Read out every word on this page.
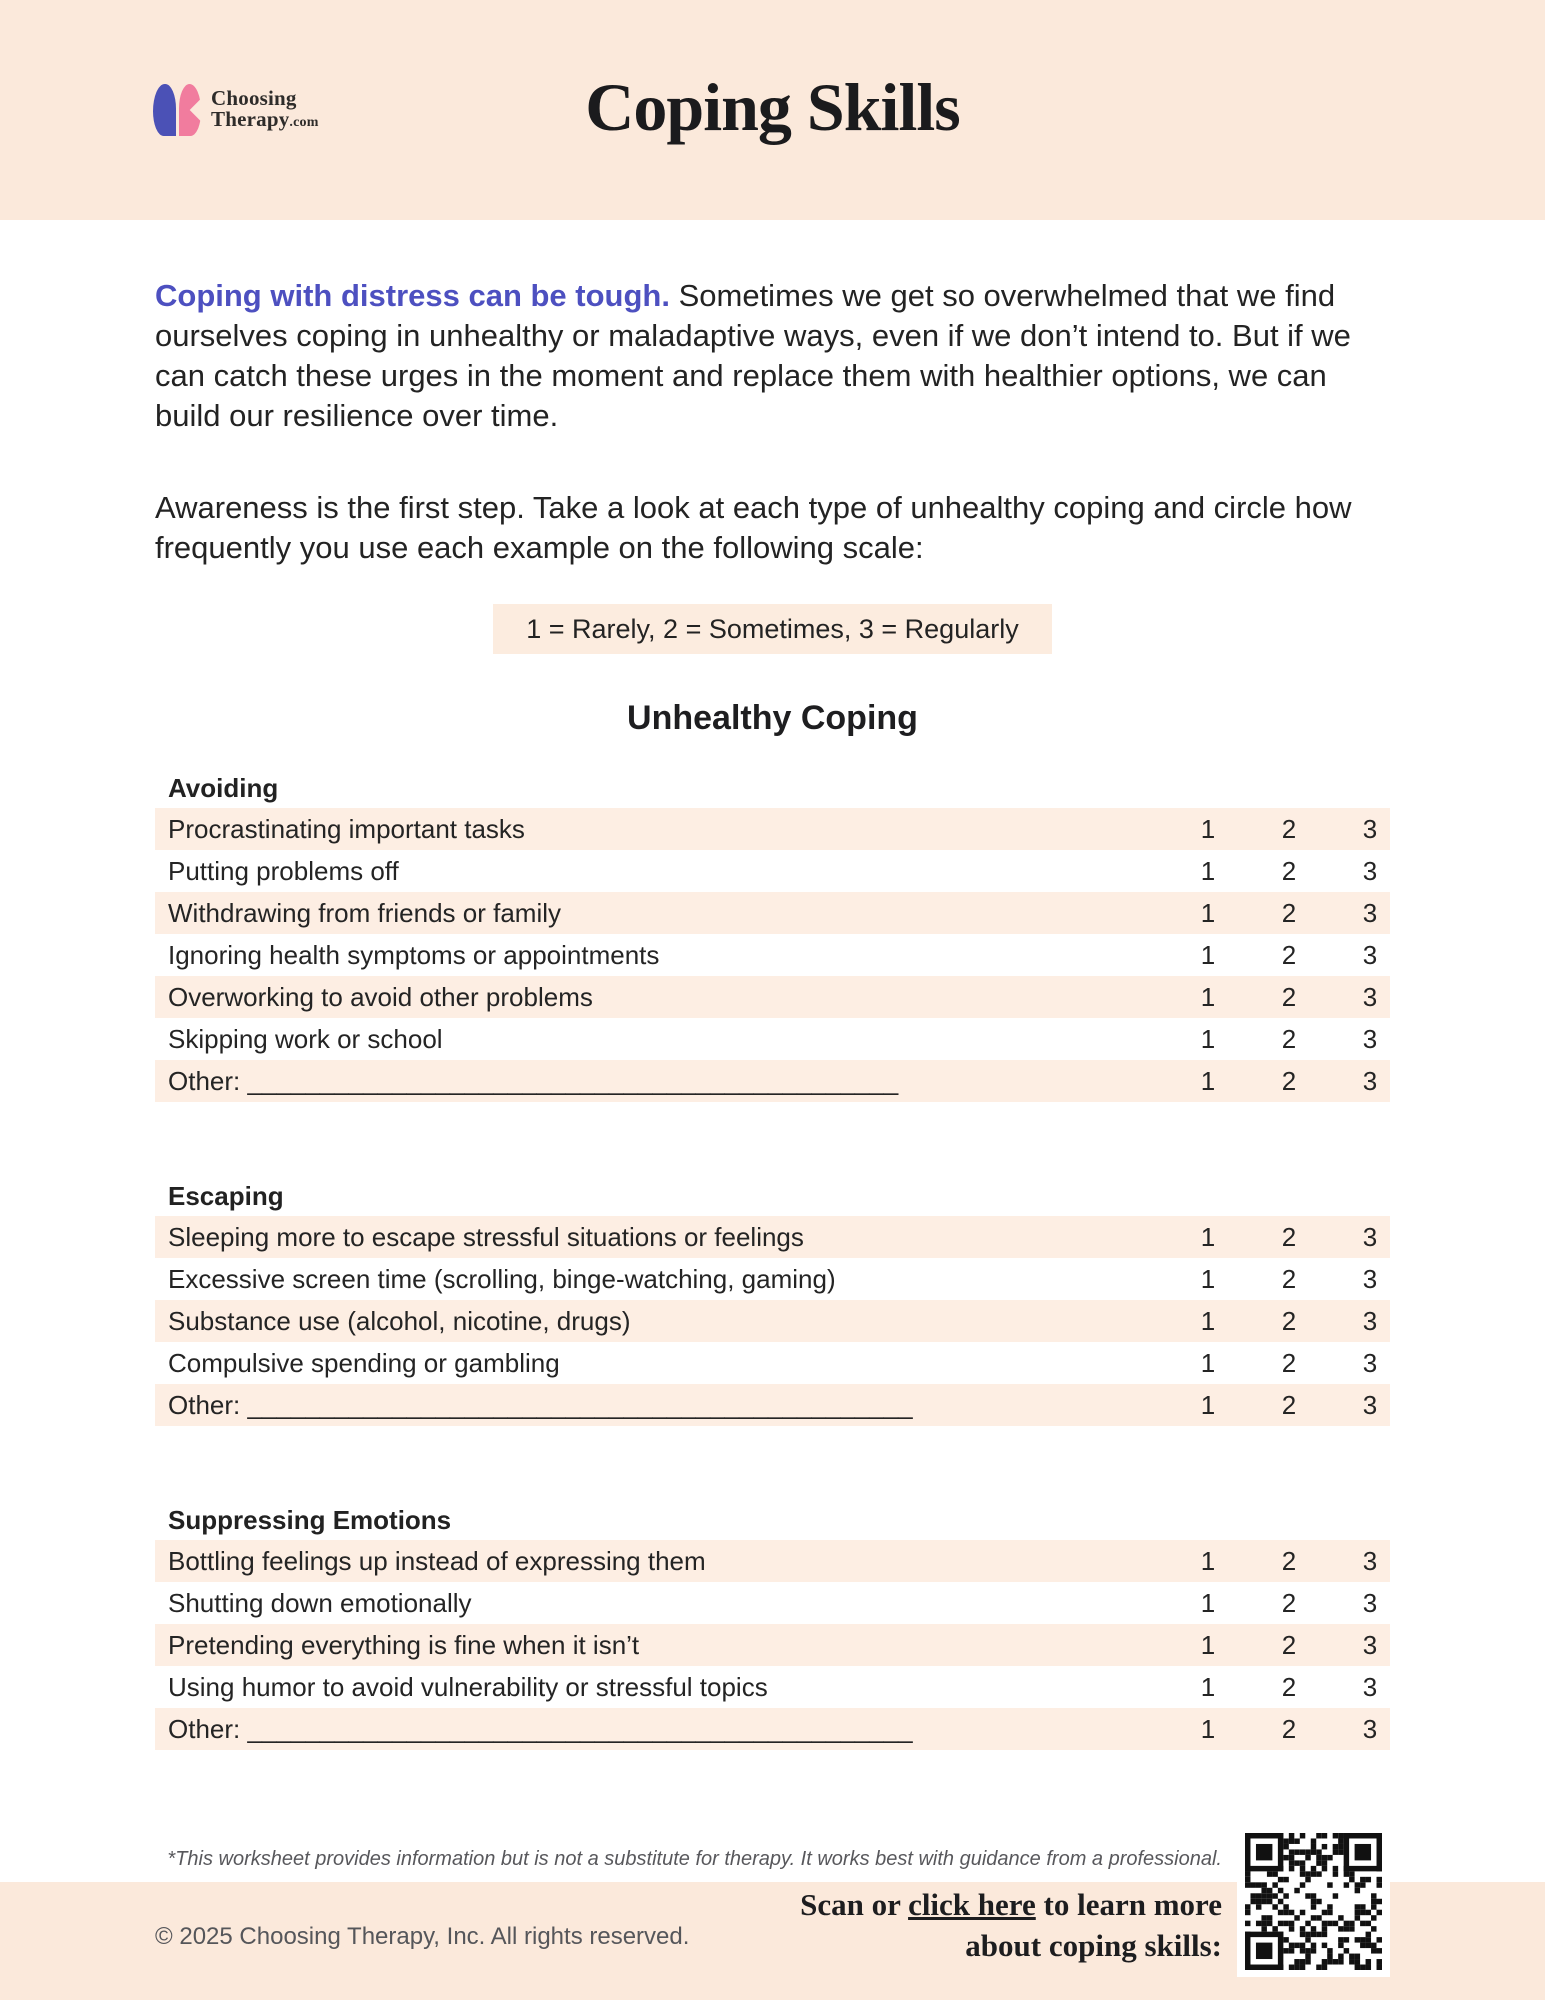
Choosing
Therapy.com	Coping Skills

Coping with distress can be tough. Sometimes we get so overwhelmed that we find ourselves coping in unhealthy or maladaptive ways, even if we don’t intend to. But if we can catch these urges in the moment and replace them with healthier options, we can build our resilience over time.

Awareness is the first step. Take a look at each type of unhealthy coping and circle how frequently you use each example on the following scale:

1 = Rarely, 2 = Sometimes, 3 = Regularly
Unhealthy Coping
Avoiding
Procrastinating important tasks	1	2	3
Putting problems off	1	2	3
Withdrawing from friends or family	1	2	3
Ignoring health symptoms or appointments	1	2	3
Overworking to avoid other problems	1	2	3
Skipping work or school	1	2	3
Other: _____________________________________________	1	2	3
Escaping
Sleeping more to escape stressful situations or feelings	1	2	3
Excessive screen time (scrolling, binge-watching, gaming)	1	2	3
Substance use (alcohol, nicotine, drugs)	1	2	3
Compulsive spending or gambling	1	2	3
Other: ______________________________________________	1	2	3
Suppressing Emotions
Bottling feelings up instead of expressing them	1	2	3
Shutting down emotionally	1	2	3
Pretending everything is fine when it isn’t	1	2	3
Using humor to avoid vulnerability or stressful topics	1	2	3
Other: ______________________________________________	1	2	3
*This worksheet provides information but is not a substitute for therapy. It works best with guidance from a professional.
© 2025 Choosing Therapy, Inc. All rights reserved.
Scan or click here to learn more
about coping skills:
